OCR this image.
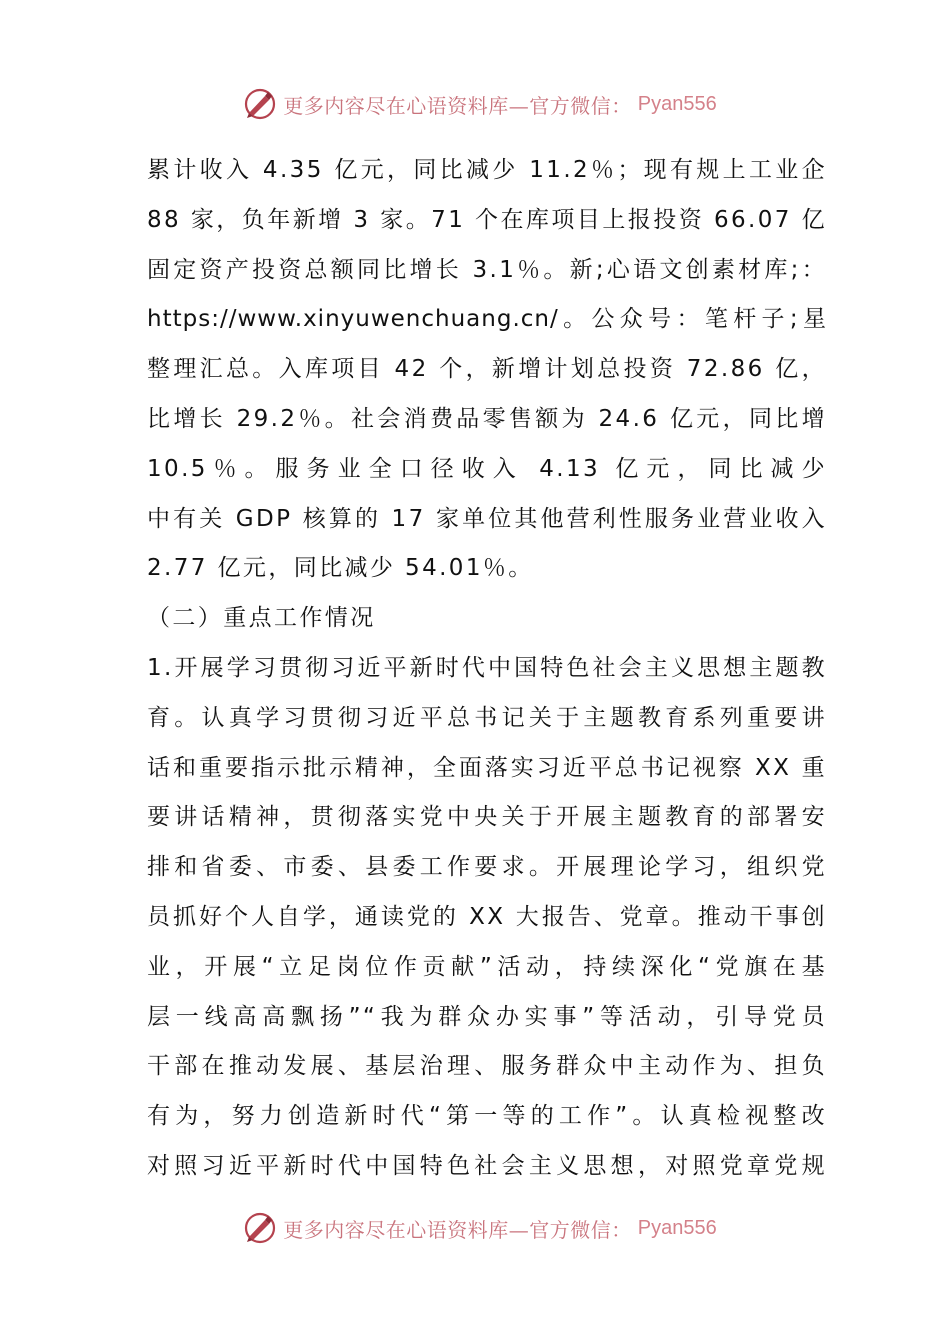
更多内容尽在心语资料库—官方微信： Pyan556
累计收入 4.35 亿元，同比减少 11.2％；现有规上工业企
88 家，负年新增 3 家。71 个在库项目上报投资 66.07 亿
固定资产投资总额同比增长 3.1％。新;心语文创素材库;：
https://www.xinyuwenchuang.cn/。公众号：笔杆子;星
整理汇总。入库项目 42 个，新增计划总投资 72.86 亿，
比增长 29.2％。社会消费品零售额为 24.6 亿元，同比增
10.5％。服务业全口径收入 4.13 亿元，同比减少
中有关 GDP 核算的 17 家单位其他营利性服务业营业收入
2.77 亿元，同比减少 54.01％。
（二）重点工作情况
1.开展学习贯彻习近平新时代中国特色社会主义思想主题教
育。认真学习贯彻习近平总书记关于主题教育系列重要讲
话和重要指示批示精神，全面落实习近平总书记视察 XX 重
要讲话精神，贯彻落实党中央关于开展主题教育的部署安
排和省委、市委、县委工作要求。开展理论学习，组织党
员抓好个人自学，通读党的 XX 大报告、党章。推动干事创
业，开展“立足岗位作贡献”活动，持续深化“党旗在基
层一线高高飘扬”“我为群众办实事”等活动，引导党员
干部在推动发展、基层治理、服务群众中主动作为、担负
有为，努力创造新时代“第一等的工作”。认真检视整改
对照习近平新时代中国特色社会主义思想，对照党章党规
更多内容尽在心语资料库—官方微信： Pyan556
